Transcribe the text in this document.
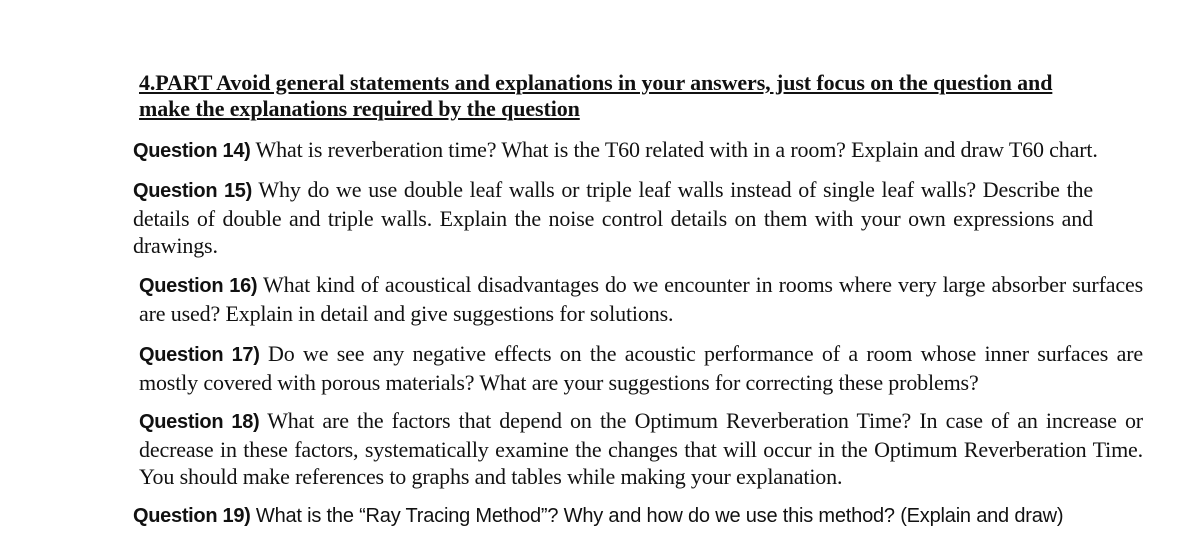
4.PART Avoid general statements and explanations in your answers, just focus on the question and make the explanations required by the question

Question 14) What is reverberation time? What is the T60 related with in a room? Explain and draw T60 chart.

Question 15) Why do we use double leaf walls or triple leaf walls instead of single leaf walls? Describe the details of double and triple walls. Explain the noise control details on them with your own expressions and drawings.

Question 16) What kind of acoustical disadvantages do we encounter in rooms where very large absorber surfaces are used? Explain in detail and give suggestions for solutions.

Question 17) Do we see any negative effects on the acoustic performance of a room whose inner surfaces are mostly covered with porous materials? What are your suggestions for correcting these problems?

Question 18) What are the factors that depend on the Optimum Reverberation Time? In case of an increase or decrease in these factors, systematically examine the changes that will occur in the Optimum Reverberation Time. You should make references to graphs and tables while making your explanation.

Question 19) What is the “Ray Tracing Method”? Why and how do we use this method? (Explain and draw)
